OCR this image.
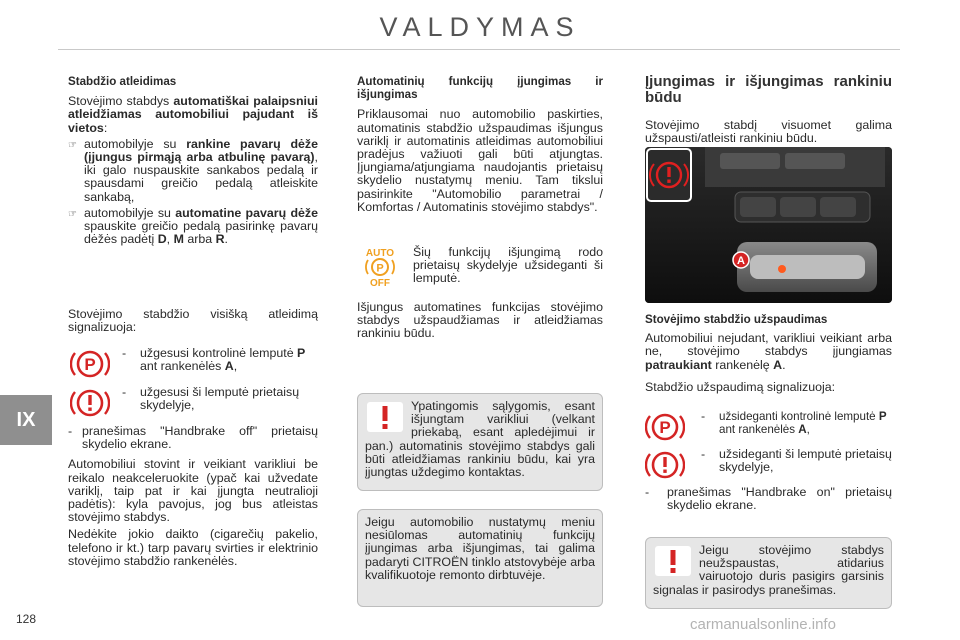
VALDYMAS
IX
128	carmanualsonline.info

Stabdžio atleidimas

Stovėjimo stabdys automatiškai palaipsniui atleidžiamas automobiliui pajudant iš vietos:

☞ automobilyje su rankine pavarų dėže (įjungus pirmąją arba atbulinę pavarą), iki galo nuspauskite sankabos pedalą ir spausdami greičio pedalą atleiskite sankabą,
☞ automobilyje su automatine pavarų dėže spauskite greičio pedalą pasirinkę pavarų dėžės padėtį D, M arba R.

Stovėjimo stabdžio visišką atleidimą signalizuoja:

P
-	užgesusi kontrolinė lemputė P ant rankenėlės A,
-	užgesusi ši lemputė prietaisų skydelyje,
- pranešimas "Handbrake off" prietaisų skydelio ekrane.

Automobiliui stovint ir veikiant varikliui be reikalo neakceleruokite (ypač kai užvedate variklį, taip pat ir kai įjungta neutralioji padėtis): kyla pavojus, jog bus atleistas stovėjimo stabdys.

Nedėkite jokio daikto (cigarečių pakelio, telefono ir kt.) tarp pavarų svirties ir elektrinio stovėjimo stabdžio rankenėlės.

Automatinių funkcijų įjungimas ir išjungimas

Priklausomai nuo automobilio paskirties, automatinis stabdžio užspaudimas išjungus variklį ir automatinis atleidimas automobiliui pradėjus važiuoti gali būti atjungtas. Įjungiama/atjungiama naudojantis prietaisų skydelio nustatymų meniu. Tam tikslui pasirinkite "Automobilio parametrai / Komfortas / Automatinis stovėjimo stabdys".

AUTO
P
OFF
Šių funkcijų išjungimą rodo prietaisų skydelyje užsideganti ši lemputė.

Išjungus automatines funkcijas stovėjimo stabdys užspaudžiamas ir atleidžiamas rankiniu būdu.

Ypatingomis sąlygomis, esant išjungtam varikliui (velkant priekabą, esant apledėjimui ir pan.) automatinis stovėjimo stabdys gali būti atleidžiamas rankiniu būdu, kai yra įjungtas uždegimo kontaktas.
Jeigu automobilio nustatymų meniu nesiūlomas automatinių funkcijų įjungimas arba išjungimas, tai galima padaryti CITROËN tinklo atstovybėje arba kvalifikuotoje remonto dirbtuvėje.

Įjungimas ir išjungimas rankiniu būdu

Stovėjimo stabdį visuomet galima užspausti/atleisti rankiniu būdu.

A

Stovėjimo stabdžio užspaudimas

Automobiliui nejudant, varikliui veikiant arba ne, stovėjimo stabdys įjungiamas patraukiant rankenėlę A.

Stabdžio užspaudimą signalizuoja:

P
-	užsideganti kontrolinė lemputė P ant rankenėlės A,
-	užsideganti ši lemputė prietaisų skydelyje,
-	pranešimas "Handbrake on" prietaisų skydelio ekrane.
Jeigu stovėjimo stabdys neužspaustas, atidarius vairuotojo duris pasigirs garsinis signalas ir pasirodys pranešimas.
